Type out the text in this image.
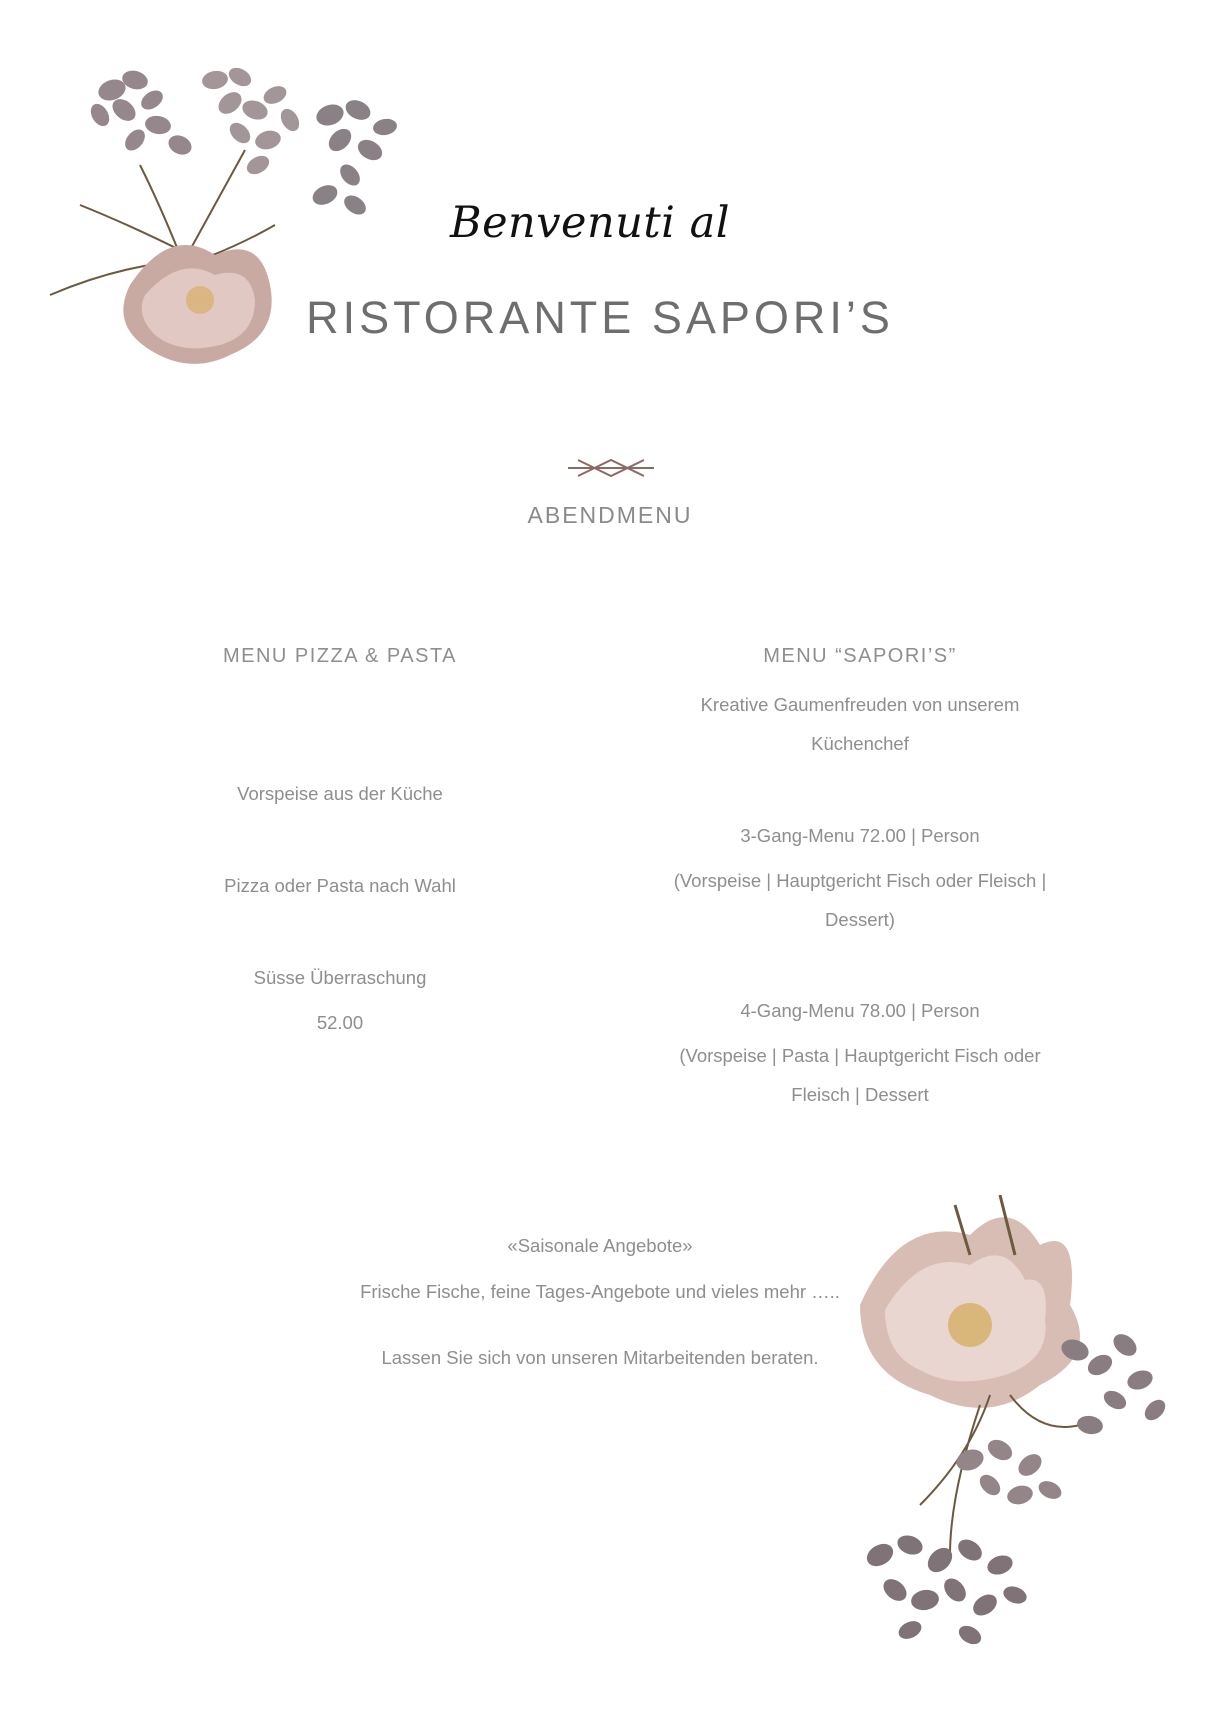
Benvenuti al
RISTORANTE SAPORI’S
ABENDMENU
MENU PIZZA & PASTA
Vorspeise aus der Küche
Pizza oder Pasta nach Wahl
Süsse Überraschung
52.00
MENU “SAPORI’S”
Kreative Gaumenfreuden von unserem
Küchenchef
3-Gang-Menu 72.00 | Person
(Vorspeise | Hauptgericht Fisch oder Fleisch |
Dessert)
4-Gang-Menu 78.00 | Person
(Vorspeise | Pasta | Hauptgericht Fisch oder
Fleisch | Dessert
«Saisonale Angebote»
Frische Fische, feine Tages-Angebote und vieles mehr …..
Lassen Sie sich von unseren Mitarbeitenden beraten.
